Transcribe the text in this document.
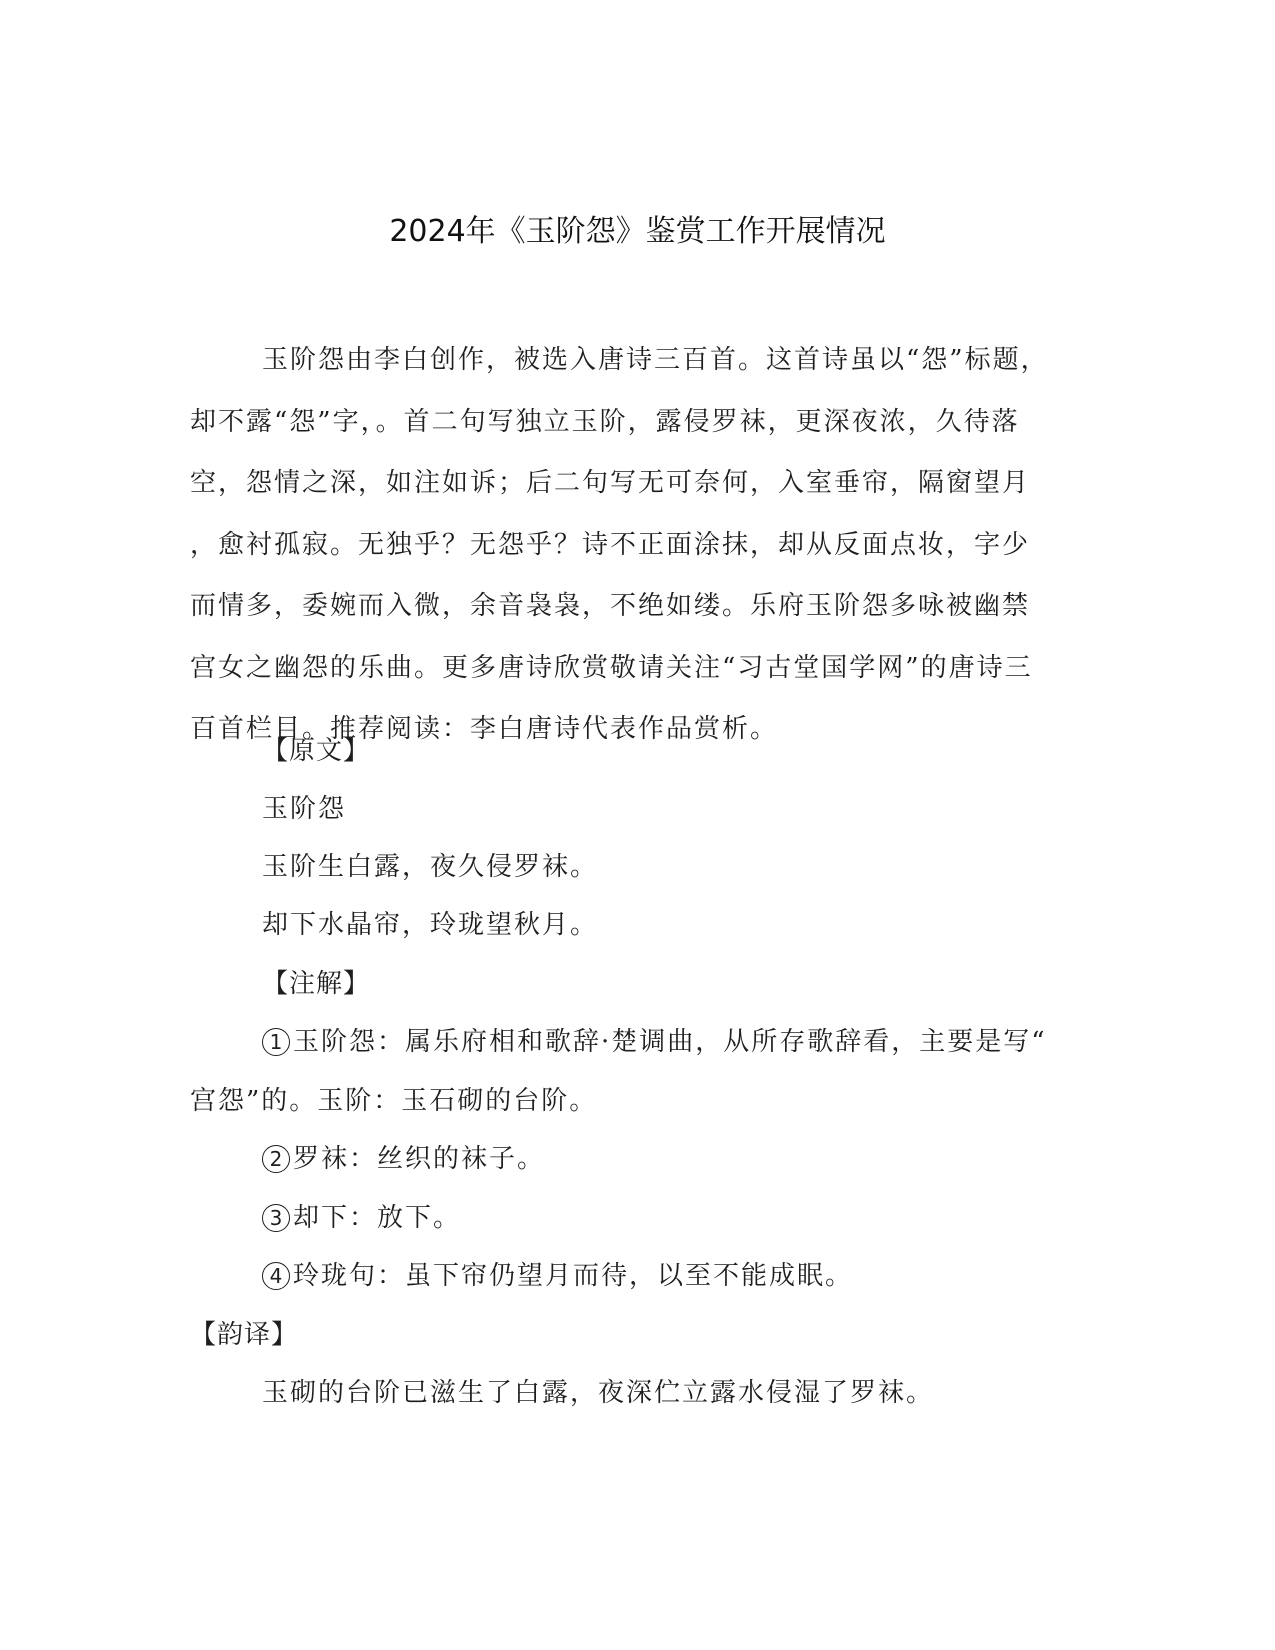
2024年《玉阶怨》鉴赏工作开展情况
玉阶怨由李白创作，被选入唐诗三百首。这首诗虽以“怨”标题，
却不露“怨”字，。首二句写独立玉阶，露侵罗袜，更深夜浓，久待落
空，怨情之深，如注如诉；后二句写无可奈何，入室垂帘，隔窗望月
，愈衬孤寂。无独乎？无怨乎？诗不正面涂抹，却从反面点妆，字少
而情多，委婉而入微，余音袅袅，不绝如缕。乐府玉阶怨多咏被幽禁
宫女之幽怨的乐曲。更多唐诗欣赏敬请关注“习古堂国学网”的唐诗三
百首栏目。推荐阅读：李白唐诗代表作品赏析。

【原文】

玉阶怨

玉阶生白露，夜久侵罗袜。

却下水晶帘，玲珑望秋月。

【注解】

1 玉阶怨：属乐府相和歌辞·楚调曲，从所存歌辞看，主要是写“

宫怨”的。玉阶：玉石砌的台阶。

2 罗袜：丝织的袜子。

3 却下：放下。

4 玲珑句：虽下帘仍望月而待，以至不能成眠。

【韵译】

玉砌的台阶已滋生了白露，夜深伫立露水侵湿了罗袜。
